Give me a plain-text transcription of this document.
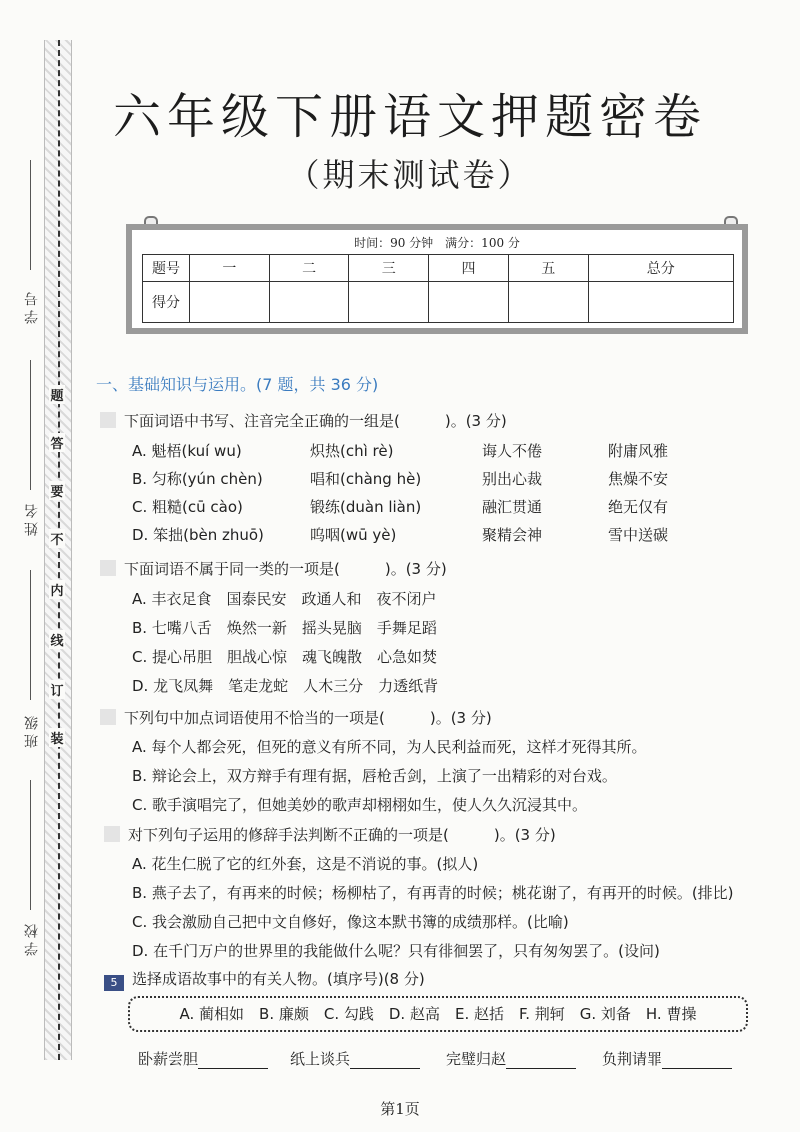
学号
姓名
班级
学校
题
答
要
不
内
线
订
装
六年级下册语文押题密卷
（期末测试卷）
时间：90 分钟　满分：100 分
题号	一	二	三	四	五	总分
得分						
一、基础知识与运用。(7 题，共 36 分)
下面词语中书写、注音完全正确的一组是(　　　)。(3 分)
A. 魁梧(kuí wu)	炽热(chì rè)	诲人不倦	附庸风雅
B. 匀称(yún chèn)	唱和(chàng hè)	别出心裁	焦燥不安
C. 粗糙(cū cào)	锻练(duàn liàn)	融汇贯通	绝无仅有
D. 笨拙(bèn zhuō)	呜咽(wū yè)	聚精会神	雪中送碳
下面词语不属于同一类的一项是(　　　)。(3 分)
A. 丰衣足食　国泰民安　政通人和　夜不闭户
B. 七嘴八舌　焕然一新　摇头晃脑　手舞足蹈
C. 提心吊胆　胆战心惊　魂飞魄散　心急如焚
D. 龙飞凤舞　笔走龙蛇　人木三分　力透纸背
下列句中加点词语使用不恰当的一项是(　　　)。(3 分)
A. 每个人都会死，但死的意义有所不同，为人民利益而死，这样才死得其所。
B. 辩论会上，双方辩手有理有据，唇枪舌剑，上演了一出精彩的对台戏。
C. 歌手演唱完了，但她美妙的歌声却栩栩如生，使人久久沉浸其中。
对下列句子运用的修辞手法判断不正确的一项是(　　　)。(3 分)
A. 花生仁脱了它的红外套，这是不消说的事。(拟人)
B. 燕子去了，有再来的时候；杨柳枯了，有再青的时候；桃花谢了，有再开的时候。(排比)
C. 我会激励自己把中文自修好，像这本默书簿的成绩那样。(比喻)
D. 在千门万户的世界里的我能做什么呢？只有徘徊罢了，只有匆匆罢了。(设问)
5 选择成语故事中的有关人物。(填序号)(8 分)
A. 蔺相如　B. 廉颇　C. 勾践　D. 赵高　E. 赵括　F. 荆轲　G. 刘备　H. 曹操
卧薪尝胆	纸上谈兵	完璧归赵	负荆请罪
第1页
